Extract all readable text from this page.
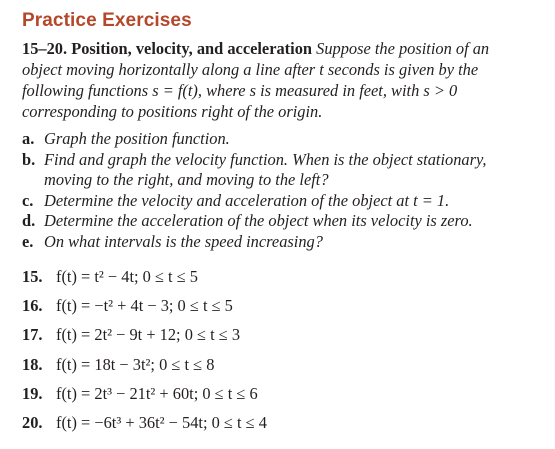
Practice Exercises

15–20. Position, velocity, and acceleration Suppose the position of an object moving horizontally along a line after t seconds is given by the following functions s = f(t), where s is measured in feet, with s > 0 corresponding to positions right of the origin.

a. Graph the position function.
b. Find and graph the velocity function. When is the object stationary, moving to the right, and moving to the left?
c. Determine the velocity and acceleration of the object at t = 1.
d. Determine the acceleration of the object when its velocity is zero.
e. On what intervals is the speed increasing?
15. f(t) = t² − 4t; 0 ≤ t ≤ 5
16. f(t) = −t² + 4t − 3; 0 ≤ t ≤ 5
17. f(t) = 2t² − 9t + 12; 0 ≤ t ≤ 3
18. f(t) = 18t − 3t²; 0 ≤ t ≤ 8
19. f(t) = 2t³ − 21t² + 60t; 0 ≤ t ≤ 6
20. f(t) = −6t³ + 36t² − 54t; 0 ≤ t ≤ 4
